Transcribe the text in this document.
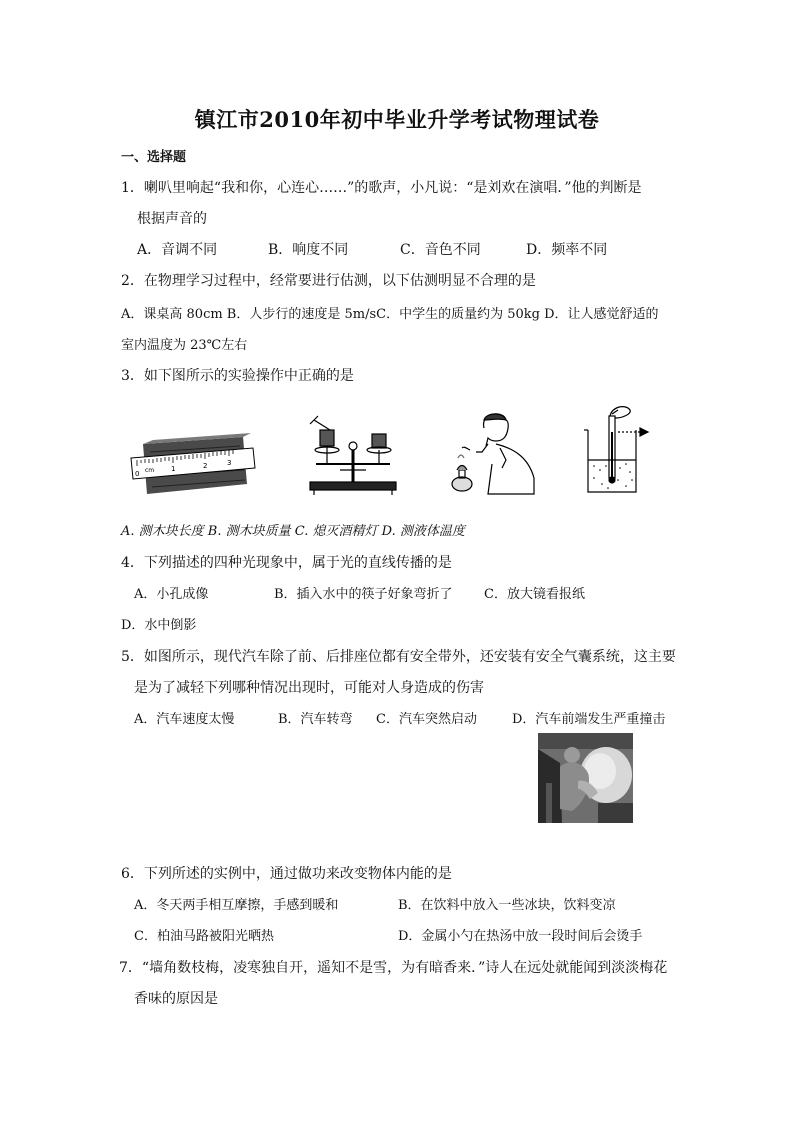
镇江市2010年初中毕业升学考试物理试卷
一、选择题
1．喇叭里响起“我和你，心连心……”的歌声，小凡说：“是刘欢在演唱．”他的判断是
根据声音的
A．音调不同	B．响度不同	C．音色不同	D．频率不同
2．在物理学习过程中，经常要进行估测，以下估测明显不合理的是
A．课桌高 80cm B．人步行的速度是 5m/sC．中学生的质量约为 50kg D．让人感觉舒适的
室内温度为 23℃左右
3．如下图所示的实验操作中正确的是
0 cm 1	2	3
A. 测木块长度 B. 测木块质量 C. 熄灭酒精灯 D. 测液体温度
4．下列描述的四种光现象中，属于光的直线传播的是
A．小孔成像	B．插入水中的筷子好象弯折了 C．放大镜看报纸
D．水中倒影
5．如图所示，现代汽车除了前、后排座位都有安全带外，还安装有安全气囊系统，这主要
是为了减轻下列哪种情况出现时，可能对人身造成的伤害
A．汽车速度太慢	B．汽车转弯 C．汽车突然启动	D．汽车前端发生严重撞击
6．下列所述的实例中，通过做功来改变物体内能的是
A．冬天两手相互摩擦，手感到暖和	B．在饮料中放入一些冰块，饮料变凉
C．柏油马路被阳光晒热	D．金属小勺在热汤中放一段时间后会烫手
7．“墙角数枝梅，凌寒独自开，遥知不是雪，为有暗香来．”诗人在远处就能闻到淡淡梅花
香味的原因是
